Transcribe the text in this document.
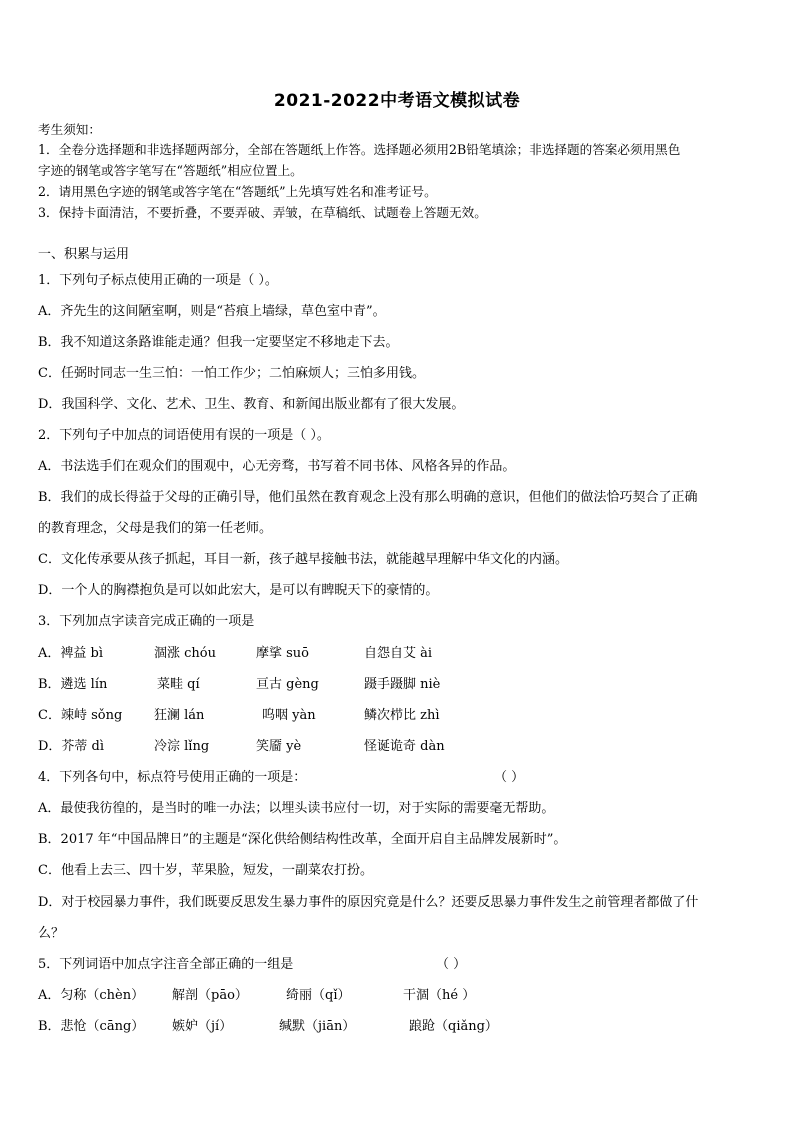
2021-2022中考语文模拟试卷
考生须知：
1．全卷分选择题和非选择题两部分，全部在答题纸上作答。选择题必须用2B铅笔填涂；非选择题的答案必须用黑色
字迹的钢笔或答字笔写在“答题纸”相应位置上。
2．请用黑色字迹的钢笔或答字笔在“答题纸”上先填写姓名和准考证号。
3．保持卡面清洁，不要折叠，不要弄破、弄皱，在草稿纸、试题卷上答题无效。
一、积累与运用
1．下列句子标点使用正确的一项是（ ）。
A．齐先生的这间陋室啊，则是“苔痕上墙绿，草色室中青”。
B．我不知道这条路谁能走通？但我一定要坚定不移地走下去。
C．任弼时同志一生三怕：一怕工作少；二怕麻烦人；三怕多用钱。
D．我国科学、文化、艺术、卫生、教育、和新闻出版业都有了很大发展。
2．下列句子中加点的词语使用有误的一项是（ ）。
A．书法选手们在观众们的围观中，心无旁骛，书写着不同书体、风格各异的作品。
B．我们的成长得益于父母的正确引导，他们虽然在教育观念上没有那么明确的意识，但他们的做法恰巧契合了正确
的教育理念，父母是我们的第一任老师。
C．文化传承要从孩子抓起，耳目一新，孩子越早接触书法，就能越早理解中华文化的内涵。
D．一个人的胸襟抱负是可以如此宏大，是可以有睥睨天下的豪情的。
3．下列加点字读音完成正确的一项是
A．裨益 bì	涸涨 chóu	摩挲 suō	自怨自艾 ài
B．遴选 lín	菜畦 qí	亘古 gèng	蹑手蹑脚 niè
C．竦峙 sǒng 狂澜 lán	呜咽 yàn	鳞次栉比 zhì
D．芥蒂 dì	冷淙 lǐng	笑靥 yè	怪诞诡奇 dàn
4．下列各句中，标点符号使用正确的一项是：	（ ）
A．最使我彷徨的，是当时的唯一办法；以埋头读书应付一切，对于实际的需要毫无帮助。
B．2017 年“中国品牌日”的主题是“深化供给侧结构性改革，全面开启自主品牌发展新时”。
C．他看上去三、四十岁，苹果脸，短发，一副菜农打扮。
D．对于校园暴力事件，我们既要反思发生暴力事件的原因究竟是什么？还要反思暴力事件发生之前管理者都做了什
么？
5．下列词语中加点字注音全部正确的一组是	（ ）
A．匀称（chèn） 解剖（pāo）	绮丽（qǐ）	干涸（hé ）
B．悲怆（cāng） 嫉妒（jí）	缄默（jiān）	踉跄（qiǎng）
